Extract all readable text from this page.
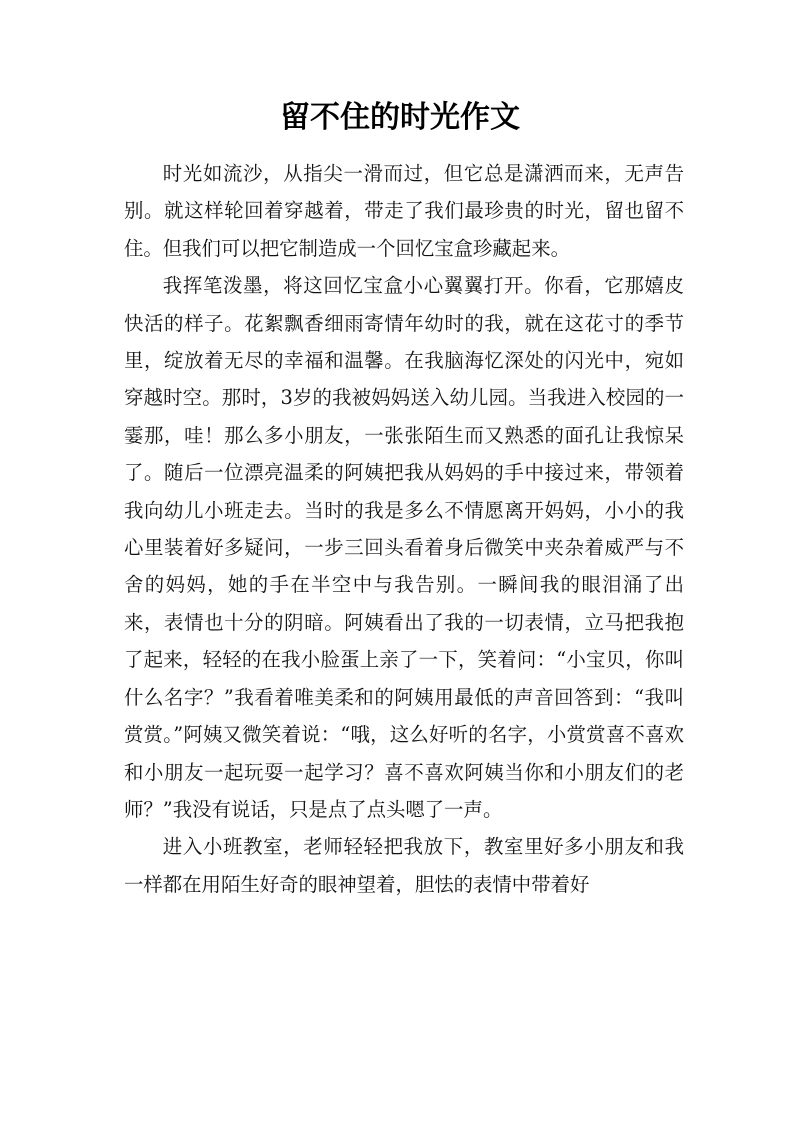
留不住的时光作文

时光如流沙，从指尖一滑而过，但它总是潇洒而来，无声告别。就这样轮回着穿越着，带走了我们最珍贵的时光，留也留不住。但我们可以把它制造成一个回忆宝盒珍藏起来。

我挥笔泼墨，将这回忆宝盒小心翼翼打开。你看，它那嬉皮快活的样子。花絮飘香细雨寄情年幼时的我，就在这花寸的季节里，绽放着无尽的幸福和温馨。在我脑海忆深处的闪光中，宛如穿越时空。那时，3岁的我被妈妈送入幼儿园。当我进入校园的一霎那，哇！那么多小朋友，一张张陌生而又熟悉的面孔让我惊呆了。随后一位漂亮温柔的阿姨把我从妈妈的手中接过来，带领着我向幼儿小班走去。当时的我是多么不情愿离开妈妈，小小的我心里装着好多疑问，一步三回头看着身后微笑中夹杂着威严与不舍的妈妈，她的手在半空中与我告别。一瞬间我的眼泪涌了出来，表情也十分的阴暗。阿姨看出了我的一切表情，立马把我抱了起来，轻轻的在我小脸蛋上亲了一下，笑着问：“小宝贝，你叫什么名字？”我看着唯美柔和的阿姨用最低的声音回答到：“我叫赏赏。”阿姨又微笑着说：“哦，这么好听的名字，小赏赏喜不喜欢和小朋友一起玩耍一起学习？喜不喜欢阿姨当你和小朋友们的老师？”我没有说话，只是点了点头嗯了一声。

进入小班教室，老师轻轻把我放下，教室里好多小朋友和我一样都在用陌生好奇的眼神望着，胆怯的表情中带着好
